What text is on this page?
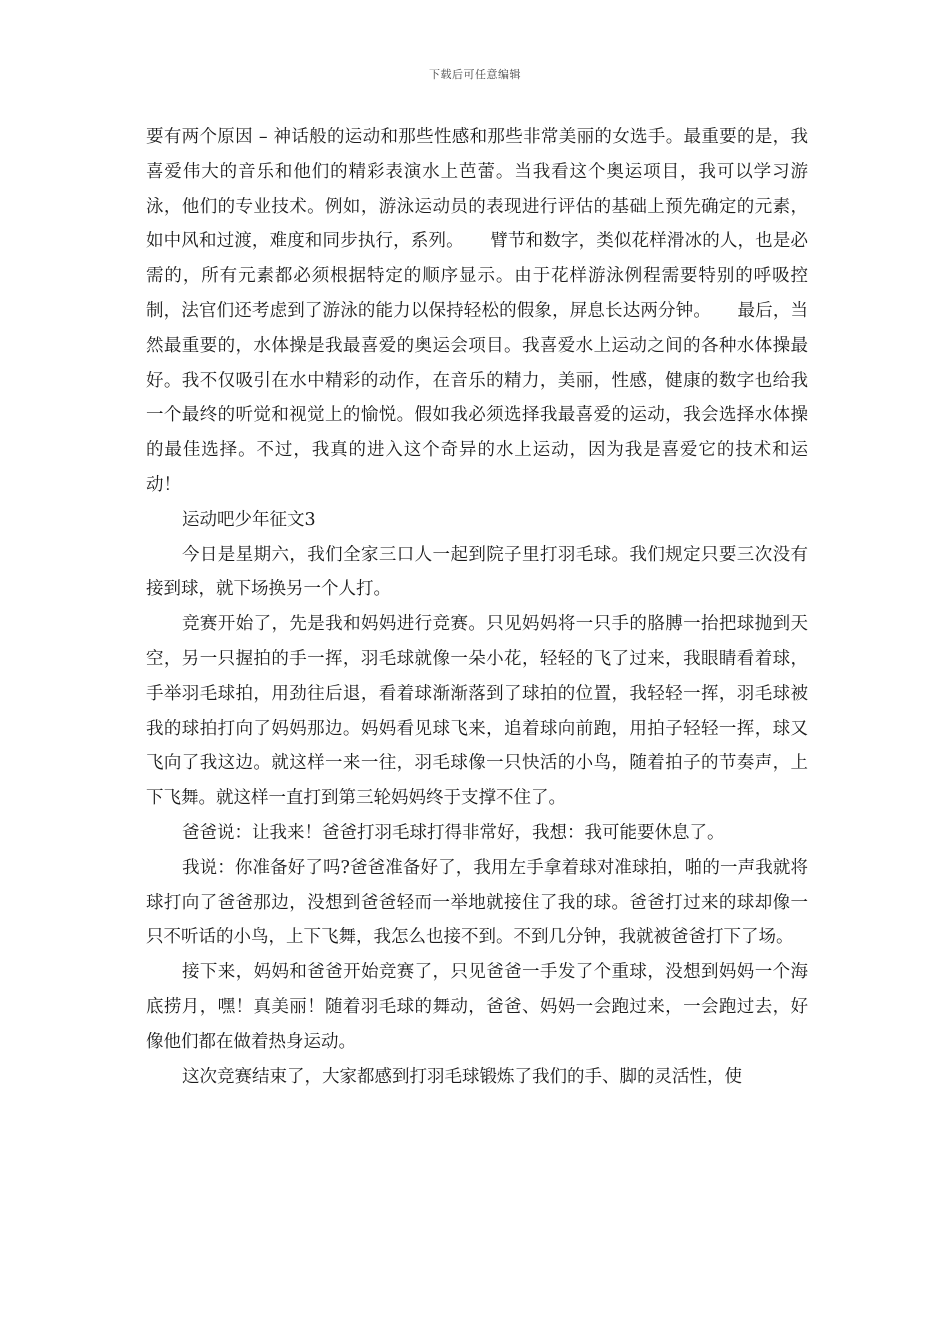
下载后可任意编辑

要有两个原因 – 神话般的运动和那些性感和那些非常美丽的女选手。最重要的是，我喜爱伟大的音乐和他们的精彩表演水上芭蕾。当我看这个奥运项目，我可以学习游泳，他们的专业技术。例如，游泳运动员的表现进行评估的基础上预先确定的元素，如中风和过渡，难度和同步执行，系列。　　臂节和数字，类似花样滑冰的人，也是必需的，所有元素都必须根据特定的顺序显示。由于花样游泳例程需要特别的呼吸控制，法官们还考虑到了游泳的能力以保持轻松的假象，屏息长达两分钟。　　最后，当然最重要的，水体操是我最喜爱的奥运会项目。我喜爱水上运动之间的各种水体操最好。我不仅吸引在水中精彩的动作，在音乐的精力，美丽，性感，健康的数字也给我一个最终的听觉和视觉上的愉悦。假如我必须选择我最喜爱的运动，我会选择水体操的最佳选择。不过，我真的进入这个奇异的水上运动，因为我是喜爱它的技术和运动！

运动吧少年征文3

今日是星期六，我们全家三口人一起到院子里打羽毛球。我们规定只要三次没有接到球，就下场换另一个人打。

竞赛开始了，先是我和妈妈进行竞赛。只见妈妈将一只手的胳膊一抬把球抛到天空，另一只握拍的手一挥，羽毛球就像一朵小花，轻轻的飞了过来，我眼睛看着球，手举羽毛球拍，用劲往后退，看着球渐渐落到了球拍的位置，我轻轻一挥，羽毛球被我的球拍打向了妈妈那边。妈妈看见球飞来，追着球向前跑，用拍子轻轻一挥，球又飞向了我这边。就这样一来一往，羽毛球像一只快活的小鸟，随着拍子的节奏声，上下飞舞。就这样一直打到第三轮妈妈终于支撑不住了。

爸爸说：让我来！爸爸打羽毛球打得非常好，我想：我可能要休息了。

我说：你准备好了吗?爸爸准备好了，我用左手拿着球对准球拍，啪的一声我就将球打向了爸爸那边，没想到爸爸轻而一举地就接住了我的球。爸爸打过来的球却像一只不听话的小鸟，上下飞舞，我怎么也接不到。不到几分钟，我就被爸爸打下了场。

接下来，妈妈和爸爸开始竞赛了，只见爸爸一手发了个重球，没想到妈妈一个海底捞月，嘿！真美丽！随着羽毛球的舞动，爸爸、妈妈一会跑过来，一会跑过去，好像他们都在做着热身运动。

这次竞赛结束了，大家都感到打羽毛球锻炼了我们的手、脚的灵活性，使
